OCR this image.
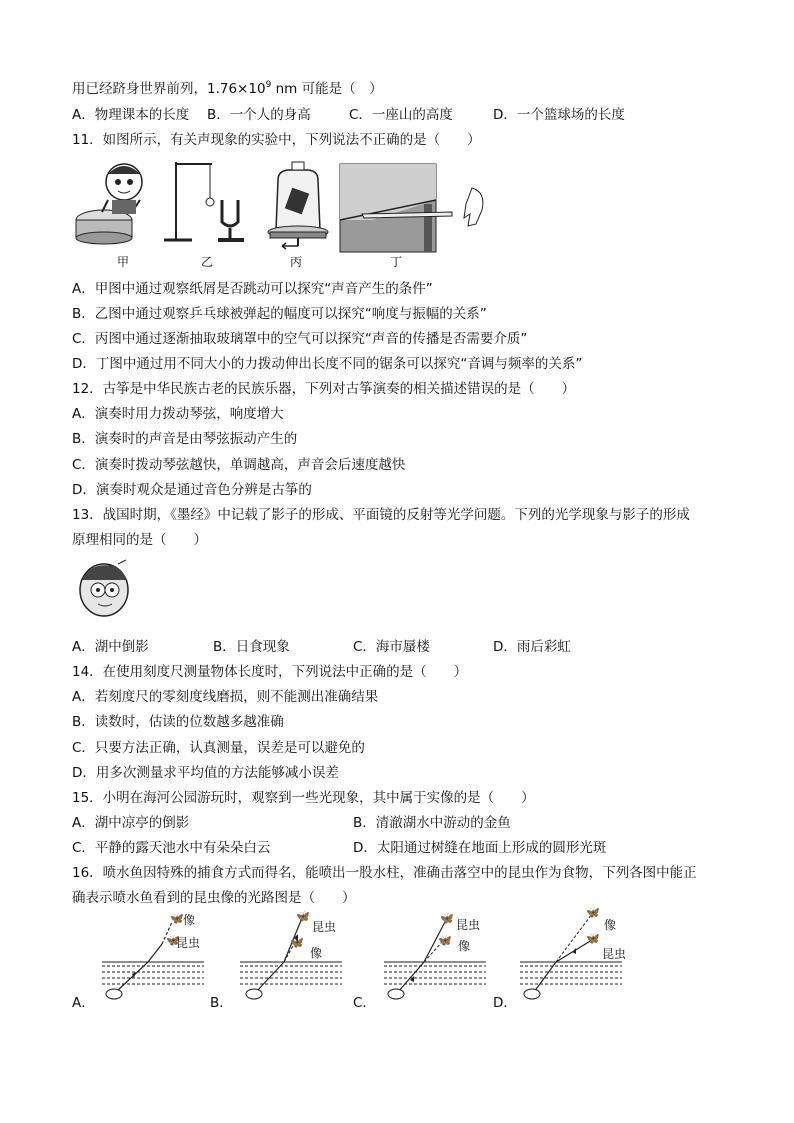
用已经跻身世界前列，$1.76\times 10^9$ nm 可能是（　）
A．物理课本的长度 B．一个人的身高	C．一座山的高度	D．一个篮球场的长度
11．如图所示，有关声现象的实验中，下列说法不正确的是（　　）
甲	乙	丙	丁
A．甲图中通过观察纸屑是否跳动可以探究“声音产生的条件”
B．乙图中通过观察乒乓球被弹起的幅度可以探究“响度与振幅的关系”
C．丙图中通过逐渐抽取玻璃罩中的空气可以探究“声音的传播是否需要介质”
D．丁图中通过用不同大小的力拨动伸出长度不同的锯条可以探究“音调与频率的关系”
12．古筝是中华民族古老的民族乐器，下列对古筝演奏的相关描述错误的是（　　）
A．演奏时用力拨动琴弦，响度增大
B．演奏时的声音是由琴弦振动产生的
C．演奏时拨动琴弦越快，单调越高，声音会后速度越快
D．演奏时观众是通过音色分辨是古筝的
13．战国时期，《墨经》中记载了影子的形成、平面镜的反射等光学问题。下列的光学现象与影子的形成
原理相同的是（　　）
A．湖中倒影	B．日食现象	C．海市蜃楼	D．雨后彩虹
14．在使用刻度尺测量物体长度时，下列说法中正确的是（　　）
A．若刻度尺的零刻度线磨损，则不能测出准确结果
B．读数时，估读的位数越多越准确
C．只要方法正确，认真测量，误差是可以避免的
D．用多次测量求平均值的方法能够减小误差
15．小明在海河公园游玩时，观察到一些光现象，其中属于实像的是（　　）
A．湖中凉亭的倒影	B．清澈湖水中游动的金鱼
C．平静的露天池水中有朵朵白云	D．太阳通过树缝在地面上形成的圆形光斑
16．喷水鱼因特殊的捕食方式而得名，能喷出一股水柱，准确击落空中的昆虫作为食物，下列各图中能正
确表示喷水鱼看到的昆虫像的光路图是（　　）
🦋
🦋 像
昆虫
A．
🦋
🦋
昆虫
像
B．
🦋
🦋
昆虫
像
C．
🦋
🦋
像
昆虫
D．
